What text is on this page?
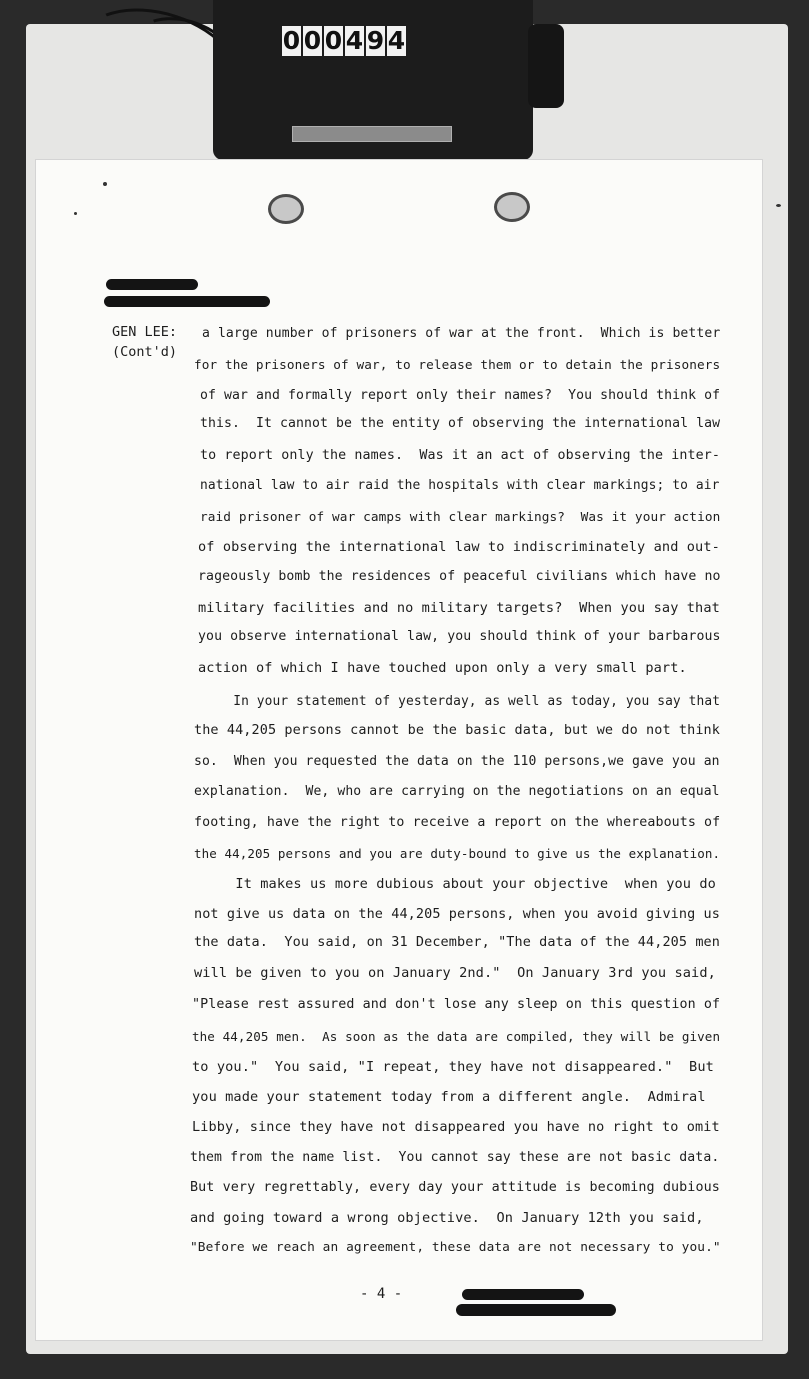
0 0 0 4 9 4
GEN LEE:
(Cont'd)
a large number of prisoners of war at the front.  Which is better
for the prisoners of war, to release them or to detain the prisoners
of war and formally report only their names?  You should think of
this.  It cannot be the entity of observing the international law
to report only the names.  Was it an act of observing the inter-
national law to air raid the hospitals with clear markings; to air
raid prisoner of war camps with clear markings?  Was it your action
of observing the international law to indiscriminately and out-
rageously bomb the residences of peaceful civilians which have no
military facilities and no military targets?  When you say that
you observe international law, you should think of your barbarous
action of which I have touched upon only a very small part.
In your statement of yesterday, as well as today, you say that
the 44,205 persons cannot be the basic data, but we do not think
so.  When you requested the data on the 110 persons,we gave you an
explanation.  We, who are carrying on the negotiations on an equal
footing, have the right to receive a report on the whereabouts of
the 44,205 persons and you are duty-bound to give us the explanation.
It makes us more dubious about your objective  when you do
not give us data on the 44,205 persons, when you avoid giving us
the data.  You said, on 31 December, "The data of the 44,205 men
will be given to you on January 2nd."  On January 3rd you said,
"Please rest assured and don't lose any sleep on this question of
the 44,205 men.  As soon as the data are compiled, they will be given
to you."  You said, "I repeat, they have not disappeared."  But
you made your statement today from a different angle.  Admiral
Libby, since they have not disappeared you have no right to omit
them from the name list.  You cannot say these are not basic data.
But very regrettably, every day your attitude is becoming dubious
and going toward a wrong objective.  On January 12th you said,
"Before we reach an agreement, these data are not necessary to you."
- 4 -
